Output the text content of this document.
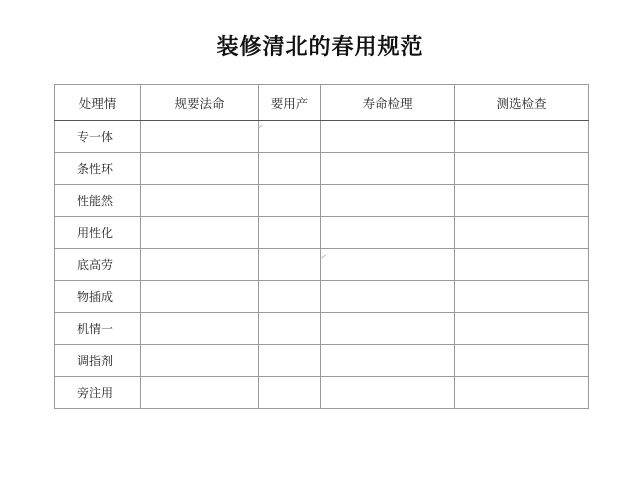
装修清北的春用规范
处理情	规要法命	要用产	寿命检理	测选检查
专一体				
条性环				
性能然				
用性化				
底高劳				
物插成				
机情一				
调指剂				
旁注用				
